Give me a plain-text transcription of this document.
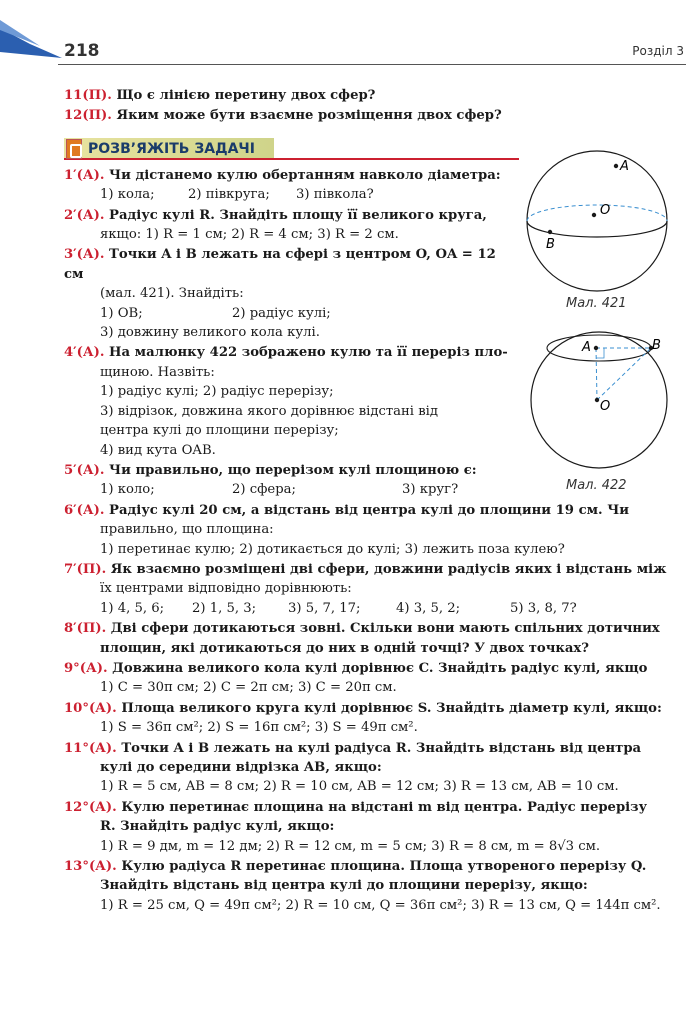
218	Розділ 3
11(П). Що є лінією перетину двох сфер?
12(П). Яким може бути взаємне розміщення двох сфер?
РОЗВ’ЯЖІТЬ ЗАДАЧІ
1′(А). Чи дістанемо кулю обертанням навколо діаметра:
1) кола;	2) півкруга;	3) півкола?
2′(А). Радіус кулі R. Знайдіть площу її великого круга,
якщо: 1) R = 1 см; 2) R = 4 см; 3) R = 2 см.
3′(А). Точки A і B лежать на сфері з центром O, OA = 12 см
(мал. 421). Знайдіть:
1) OB;	2) радіус кулі;
3) довжину великого кола кулі.
4′(А). На малюнку 422 зображено кулю та її переріз пло-
щиною. Назвіть:
1) радіус кулі; 2) радіус перерізу;
3) відрізок, довжина якого дорівнює відстані від
центра кулі до площини перерізу;
4) вид кута OAB.
5′(А). Чи правильно, що перерізом кулі площиною є:
1) коло;	2) сфера;	3) круг?
6′(А). Радіус кулі 20 см, а відстань від центра кулі до площини 19 см. Чи
правильно, що площина:
1) перетинає кулю; 2) дотикається до кулі; 3) лежить поза кулею?
7′(П). Як взаємно розміщені дві сфери, довжини радіусів яких і відстань між
їх центрами відповідно дорівнюють:
1) 4, 5, 6;	2) 1, 5, 3;	3) 5, 7, 17;	4) 3, 5, 2;	5) 3, 8, 7?
8′(П). Дві сфери дотикаються зовні. Скільки вони мають спільних дотичних
площин, які дотикаються до них в одній точці? У двох точках?
9°(А). Довжина великого кола кулі дорівнює C. Знайдіть радіус кулі, якщо
1) C = 30π см; 2) C = 2π см; 3) C = 20π см.
10°(А). Площа великого круга кулі дорівнює S. Знайдіть діаметр кулі, якщо:
1) S = 36π см²; 2) S = 16π см²; 3) S = 49π см².
11°(А). Точки A і B лежать на кулі радіуса R. Знайдіть відстань від центра
кулі до середини відрізка AB, якщо:
1) R = 5 см, AB = 8 см; 2) R = 10 см, AB = 12 см; 3) R = 13 см, AB = 10 см.
12°(А). Кулю перетинає площина на відстані m від центра. Радіус перерізу
R. Знайдіть радіус кулі, якщо:
1) R = 9 дм, m = 12 дм; 2) R = 12 см, m = 5 см; 3) R = 8 см, m = 8√3 см.
13°(А). Кулю радіуса R перетинає площина. Площа утвореного перерізу Q.
Знайдіть відстань від центра кулі до площини перерізу, якщо:
1) R = 25 см, Q = 49π см²; 2) R = 10 см, Q = 36π см²; 3) R = 13 см, Q = 144π см².
A
O
B
Мал. 421
A	B
O
Мал. 422
